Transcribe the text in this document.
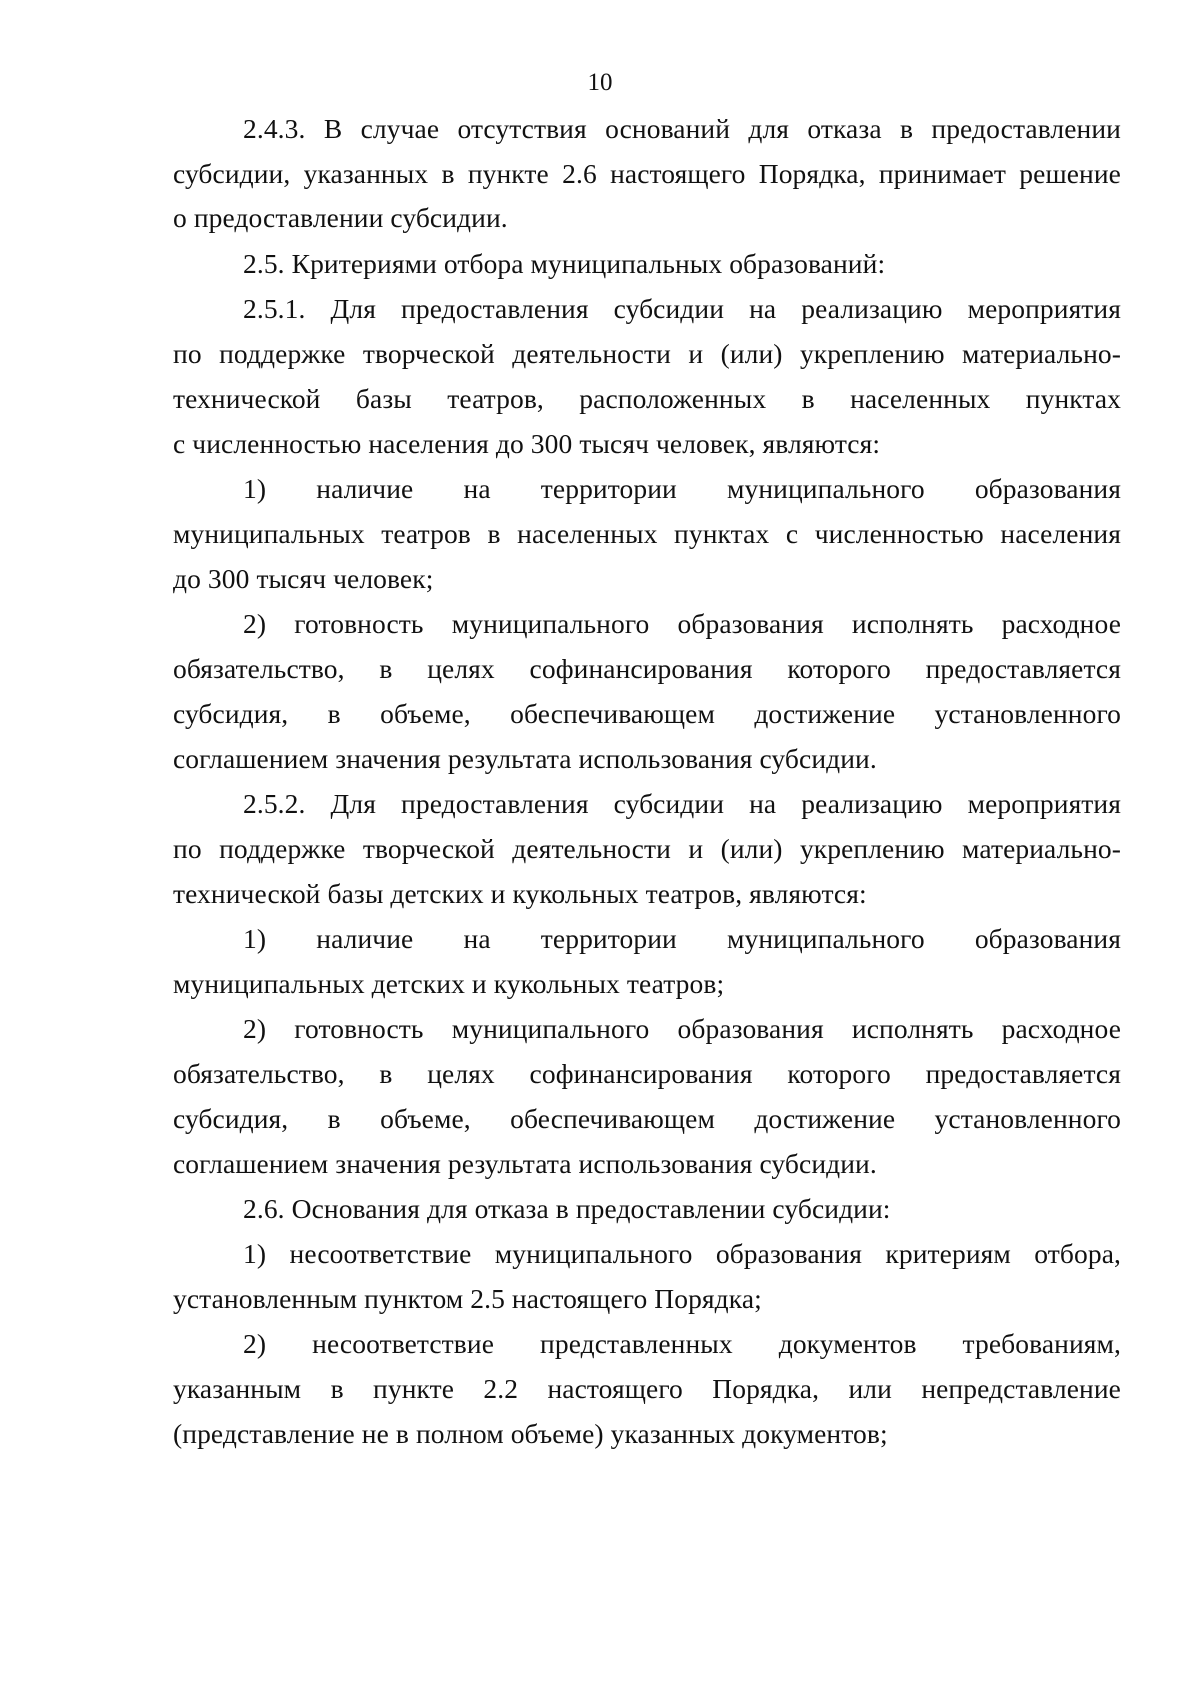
10
2.4.3. В случае отсутствия оснований для отказа в предоставлении
субсидии, указанных в пункте 2.6 настоящего Порядка, принимает решение
о предоставлении субсидии.
2.5. Критериями отбора муниципальных образований:
2.5.1. Для предоставления субсидии на реализацию мероприятия
по поддержке творческой деятельности и (или) укреплению материально-
технической базы театров, расположенных в населенных пунктах
с численностью населения до 300 тысяч человек, являются:
1) наличие на территории муниципального образования
муниципальных театров в населенных пунктах с численностью населения
до 300 тысяч человек;
2) готовность муниципального образования исполнять расходное
обязательство, в целях софинансирования которого предоставляется
субсидия, в объеме, обеспечивающем достижение установленного
соглашением значения результата использования субсидии.
2.5.2. Для предоставления субсидии на реализацию мероприятия
по поддержке творческой деятельности и (или) укреплению материально-
технической базы детских и кукольных театров, являются:
1) наличие на территории муниципального образования
муниципальных детских и кукольных театров;
2) готовность муниципального образования исполнять расходное
обязательство, в целях софинансирования которого предоставляется
субсидия, в объеме, обеспечивающем достижение установленного
соглашением значения результата использования субсидии.
2.6. Основания для отказа в предоставлении субсидии:
1) несоответствие муниципального образования критериям отбора,
установленным пунктом 2.5 настоящего Порядка;
2) несоответствие представленных документов требованиям,
указанным в пункте 2.2 настоящего Порядка, или непредставление
(представление не в полном объеме) указанных документов;
